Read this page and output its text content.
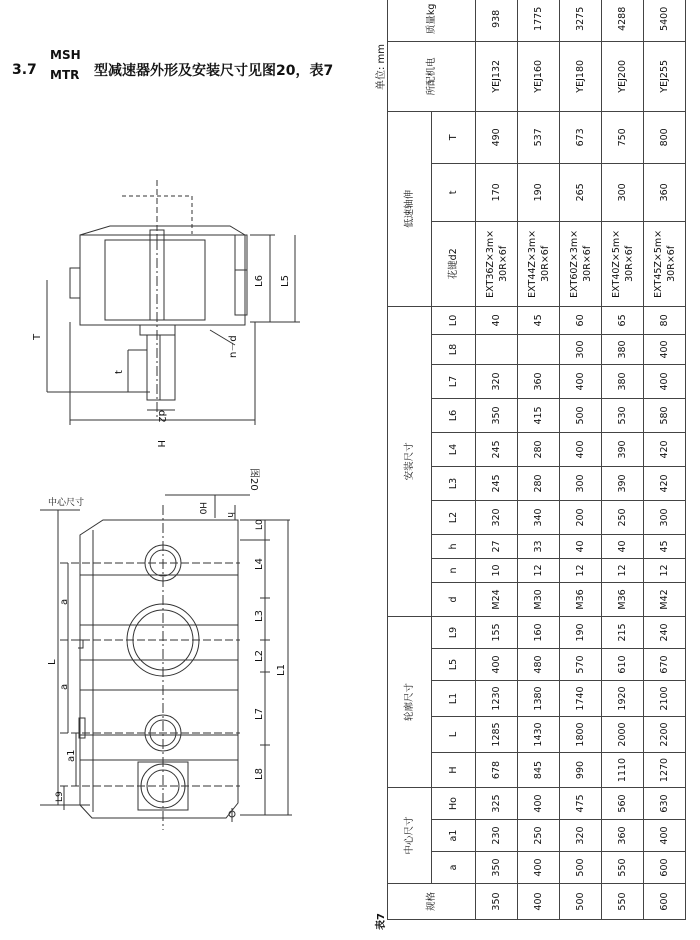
3.7
MSH
MTR 型减速器外形及安装尺寸见图20，表7
L6 L5
T
t
n－d
d2
H
图20
中心尺寸	H0
h
L0
L4
L3
L2
L1
L7
L8
L
a
a
a1
L9
规格	中心尺寸			轮廓尺寸					安装尺寸										低速轴伸			所配机电	质量kg
	a	a1	Ho	H	L	L1	L5	L9	d	n	h	L2	L3	L4	L6	L7	L8	L0	花键d2	t	T		
350	350	230	325	678	1285	1230	400	155	M24	10	27	320	245	245	350	320		40	EXT36Z×3m× 30R×6f	170	490	YEJ132	938
400	400	250	400	845	1430	1380	480	160	M30	12	33	340	280	280	415	360		45	EXT44Z×3m× 30R×6f	190	537	YEJ160	1775
500	500	320	475	990	1800	1740	570	190	M36	12	40	200	300	400	500	400	300	60	EXT60Z×3m× 30R×6f	265	673	YEJ180	3275
550	550	360	560	1110	2000	1920	610	215	M36	12	40	250	390	390	530	380	380	65	EXT40Z×5m× 30R×6f	300	750	YEJ200	4288
600	600	400	630	1270	2200	2100	670	240	M42	12	45	300	420	420	580	400	400	80	EXT45Z×5m× 30R×6f	360	800	YEJ255	5400
表7
单位: mm
